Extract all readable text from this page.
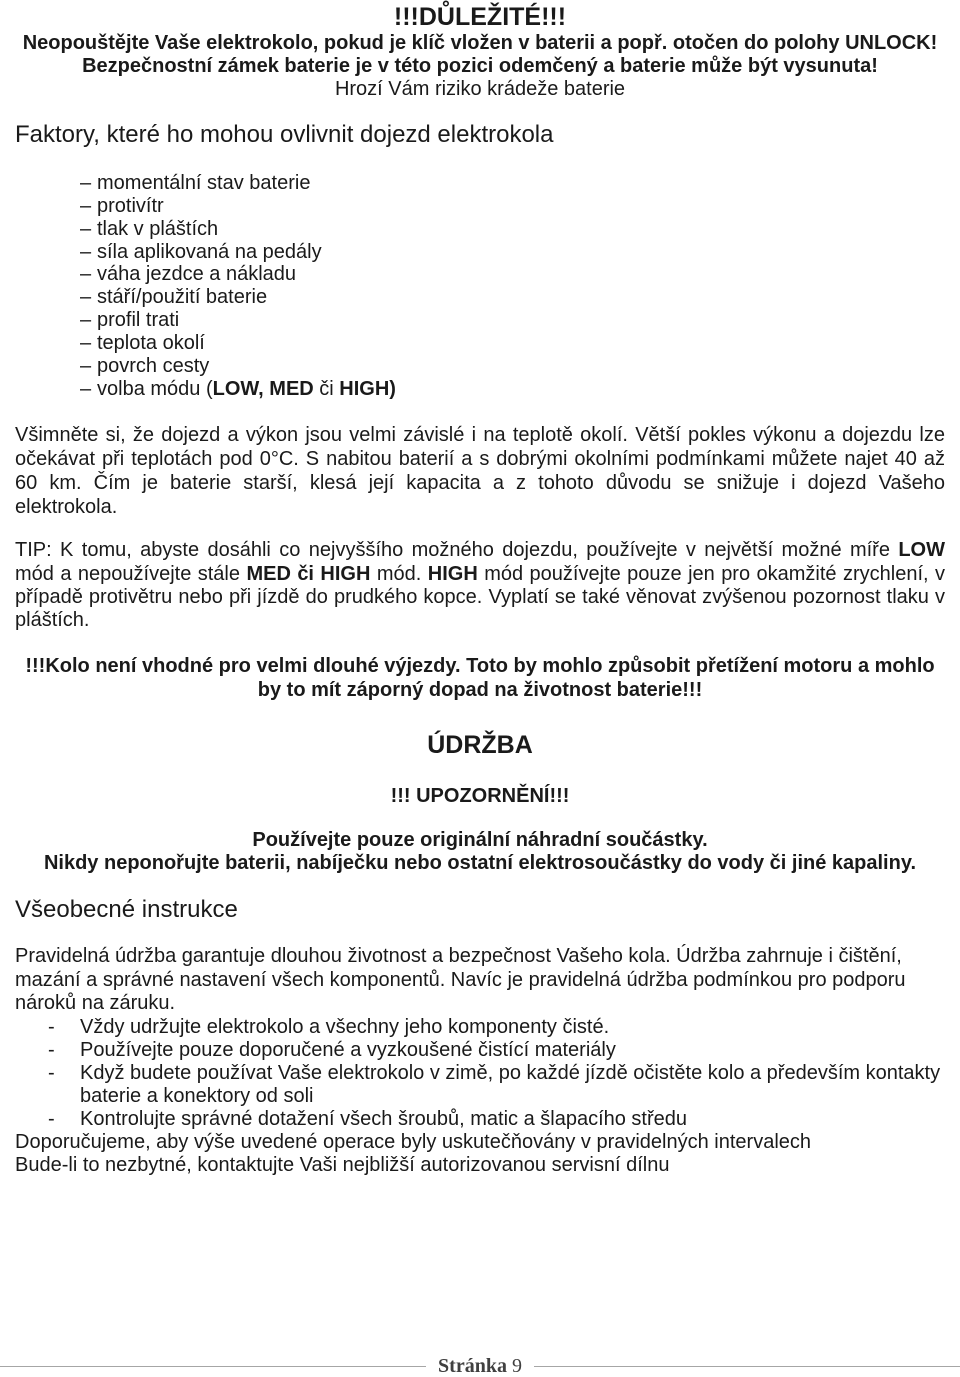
!!!DŮLEŽITÉ!!!
Neopouštějte Vaše elektrokolo, pokud je klíč vložen v baterii a popř. otočen do polohy UNLOCK!
Bezpečnostní zámek baterie je v této pozici odemčený a baterie může být vysunuta!
Hrozí Vám riziko krádeže baterie
Faktory, které ho mohou ovlivnit dojezd elektrokola
– momentální stav baterie
– protivítr
– tlak v pláštích
– síla aplikovaná na pedály
– váha jezdce a nákladu
– stáří/použití baterie
– profil trati
– teplota okolí
– povrch cesty
– volba módu (LOW, MED či HIGH)
Všimněte si, že dojezd a výkon jsou velmi závislé i na teplotě okolí. Větší pokles výkonu a dojezdu lze
očekávat při teplotách pod 0°C. S nabitou baterií a s dobrými okolními podmínkami můžete najet 40 až
60 km. Čím je baterie starší, klesá její kapacita a z tohoto důvodu se snižuje i dojezd Vašeho
elektrokola.
TIP: K tomu, abyste dosáhli co nejvyššího možného dojezdu, používejte v největší možné míře LOW
mód a nepoužívejte stále MED či HIGH mód. HIGH mód používejte pouze jen pro okamžité zrychlení, v
případě protivětru nebo při jízdě do prudkého kopce. Vyplatí se také věnovat zvýšenou pozornost tlaku v
pláštích.
!!!Kolo není vhodné pro velmi dlouhé výjezdy. Toto by mohlo způsobit přetížení motoru a mohlo
by to mít záporný dopad na životnost baterie!!!
ÚDRŽBA
!!! UPOZORNĚNÍ!!!
Používejte pouze originální náhradní součástky.
Nikdy neponořujte baterii, nabíječku nebo ostatní elektrosoučástky do vody či jiné kapaliny.
Všeobecné instrukce
Pravidelná údržba garantuje dlouhou životnost a bezpečnost Vašeho kola. Údržba zahrnuje i čištění,
mazání a správné nastavení všech komponentů. Navíc je pravidelná údržba podmínkou pro podporu
nároků na záruku.
- Vždy udržujte elektrokolo a všechny jeho komponenty čisté.
- Používejte pouze doporučené a vyzkoušené čistící materiály
- Když budete používat Vaše elektrokolo v zimě, po každé jízdě očistěte kolo a především kontakty
baterie a konektory od soli
- Kontrolujte správné dotažení všech šroubů, matic a šlapacího středu
Doporučujeme, aby výše uvedené operace byly uskutečňovány v pravidelných intervalech
Bude-li to nezbytné, kontaktujte Vaši nejbližší autorizovanou servisní dílnu
Stránka 9
